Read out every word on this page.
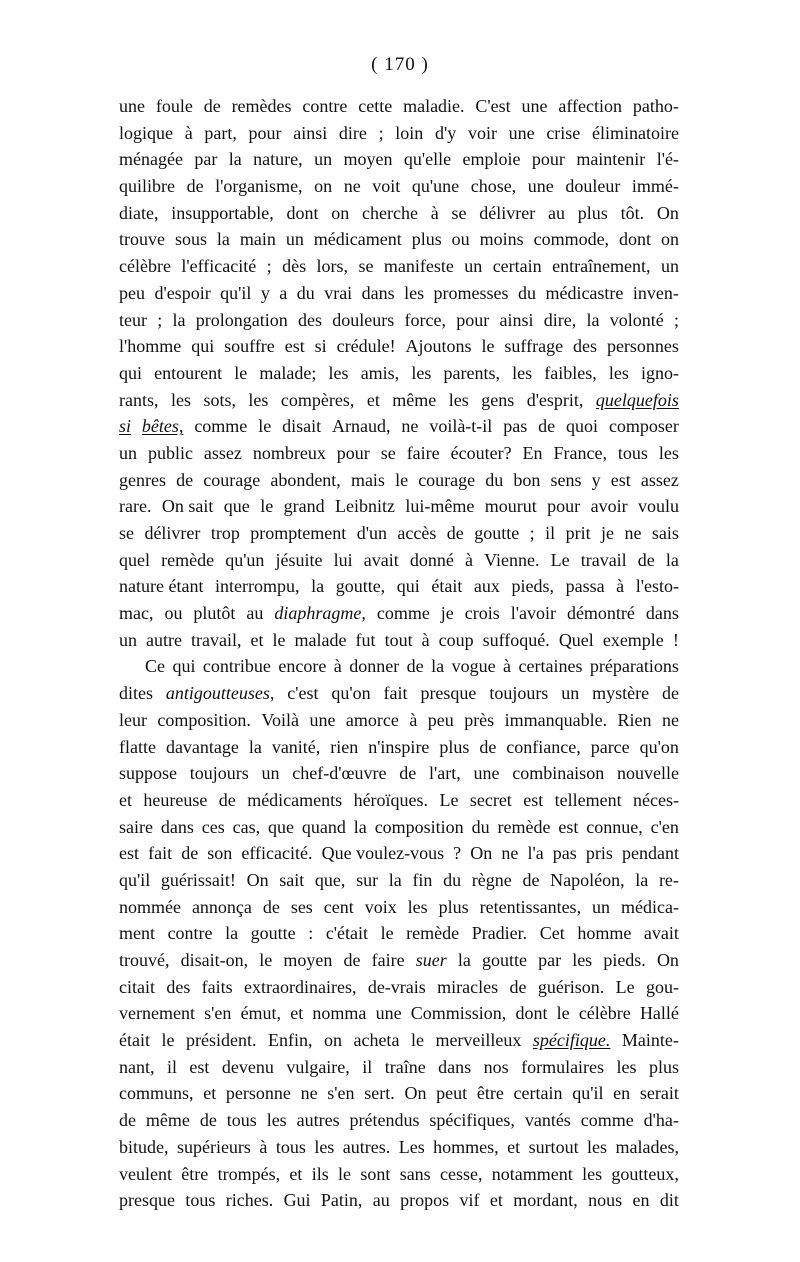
( 170 )
une foule de remèdes contre cette maladie. C'est une affection patho-
logique à part, pour ainsi dire ; loin d'y voir une crise éliminatoire
ménagée par la nature, un moyen qu'elle emploie pour maintenir l'é-
quilibre de l'organisme, on ne voit qu'une chose, une douleur immé-
diate, insupportable, dont on cherche à se délivrer au plus tôt. On
trouve sous la main un médicament plus ou moins commode, dont on
célèbre l'efficacité ; dès lors, se manifeste un certain entraînement, un
peu d'espoir qu'il y a du vrai dans les promesses du médicastre inven-
teur ; la prolongation des douleurs force, pour ainsi dire, la volonté ;
l'homme qui souffre est si crédule! Ajoutons le suffrage des personnes
qui entourent le malade; les amis, les parents, les faibles, les igno-
rants, les sots, les compères, et même les gens d'esprit, quelquefois
si bêtes, comme le disait Arnaud, ne voilà-t-il pas de quoi composer
un public assez nombreux pour se faire écouter? En France, tous les
genres de courage abondent, mais le courage du bon sens y est assez
rare. On sait que le grand Leibnitz lui-même mourut pour avoir voulu
se délivrer trop promptement d'un accès de goutte ; il prit je ne sais
quel remède qu'un jésuite lui avait donné à Vienne. Le travail de la
nature étant interrompu, la goutte, qui était aux pieds, passa à l'esto-
mac, ou plutôt au diaphragme, comme je crois l'avoir démontré dans
un autre travail, et le malade fut tout à coup suffoqué. Quel exemple !
Ce qui contribue encore à donner de la vogue à certaines préparations
dites antigoutteuses, c'est qu'on fait presque toujours un mystère de
leur composition. Voilà une amorce à peu près immanquable. Rien ne
flatte davantage la vanité, rien n'inspire plus de confiance, parce qu'on
suppose toujours un chef-d'œuvre de l'art, une combinaison nouvelle
et heureuse de médicaments héroïques. Le secret est tellement néces-
saire dans ces cas, que quand la composition du remède est connue, c'en
est fait de son efficacité. Que voulez-vous ? On ne l'a pas pris pendant
qu'il guérissait! On sait que, sur la fin du règne de Napoléon, la re-
nommée annonça de ses cent voix les plus retentissantes, un médica-
ment contre la goutte : c'était le remède Pradier. Cet homme avait
trouvé, disait-on, le moyen de faire suer la goutte par les pieds. On
citait des faits extraordinaires, de-vrais miracles de guérison. Le gou-
vernement s'en émut, et nomma une Commission, dont le célèbre Hallé
était le président. Enfin, on acheta le merveilleux spécifique. Mainte-
nant, il est devenu vulgaire, il traîne dans nos formulaires les plus
communs, et personne ne s'en sert. On peut être certain qu'il en serait
de même de tous les autres prétendus spécifiques, vantés comme d'ha-
bitude, supérieurs à tous les autres. Les hommes, et surtout les malades,
veulent être trompés, et ils le sont sans cesse, notamment les goutteux,
presque tous riches. Gui Patin, au propos vif et mordant, nous en dit
